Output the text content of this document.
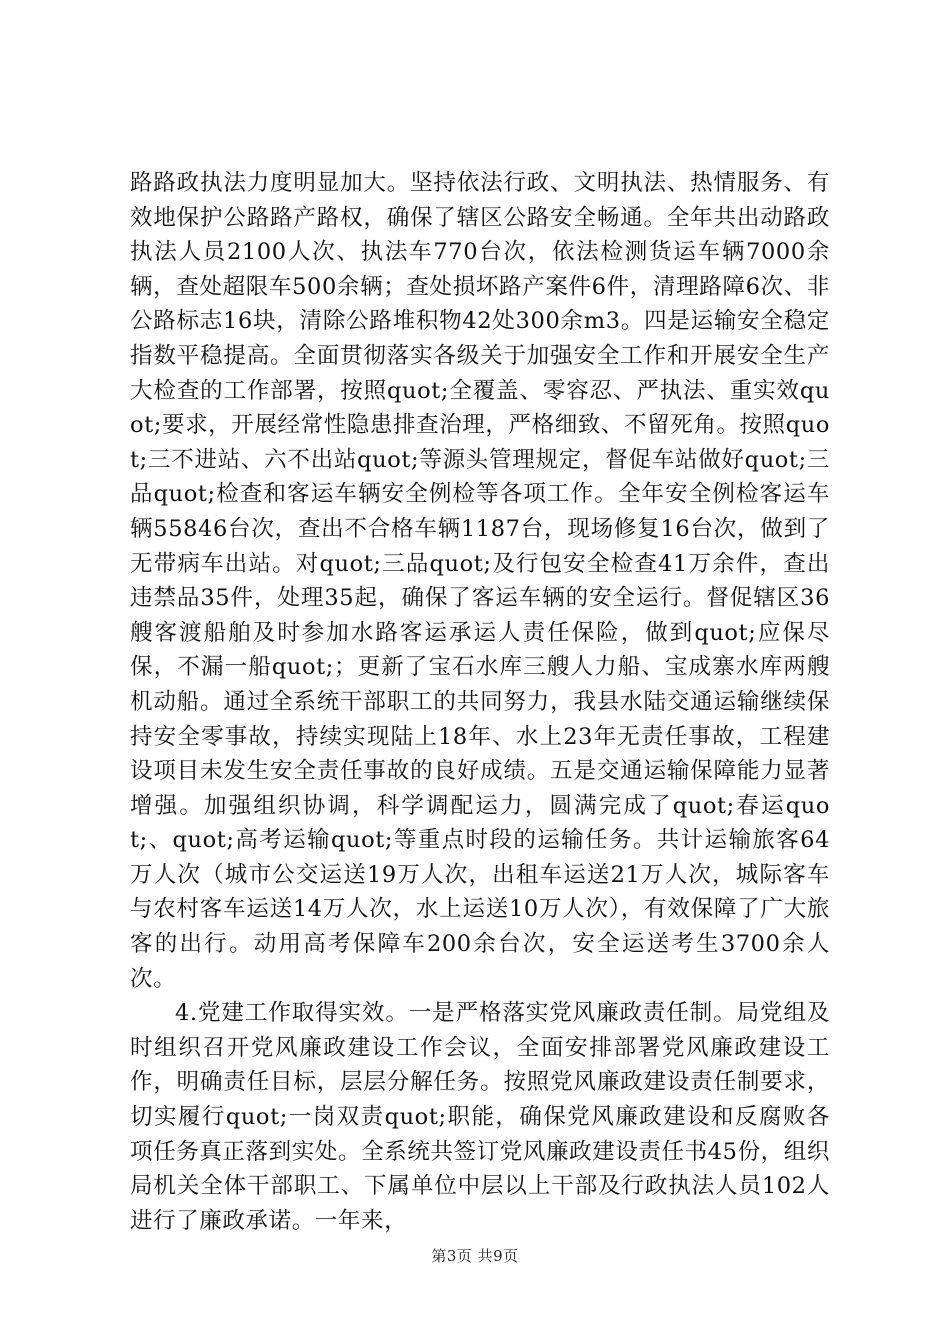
路路政执法力度明显加大。坚持依法行政、文明执法、热情服务、有效地保护公路路产路权，确保了辖区公路安全畅通。全年共出动路政执法人员2100人次、执法车770台次，依法检测货运车辆7000余辆，查处超限车500余辆；查处损坏路产案件6件，清理路障6次、非公路标志16块，清除公路堆积物42处300余m3。四是运输安全稳定指数平稳提高。全面贯彻落实各级关于加强安全工作和开展安全生产大检查的工作部署，按照quot;全覆盖、零容忍、严执法、重实效quot;要求，开展经常性隐患排查治理，严格细致、不留死角。按照quot;三不进站、六不出站quot;等源头管理规定，督促车站做好quot;三品quot;检查和客运车辆安全例检等各项工作。全年安全例检客运车辆55846台次，查出不合格车辆1187台，现场修复16台次，做到了无带病车出站。对quot;三品quot;及行包安全检查41万余件，查出违禁品35件，处理35起，确保了客运车辆的安全运行。督促辖区36艘客渡船舶及时参加水路客运承运人责任保险，做到quot;应保尽保，不漏一船quot;；更新了宝石水库三艘人力船、宝成寨水库两艘机动船。通过全系统干部职工的共同努力，我县水陆交通运输继续保持安全零事故，持续实现陆上18年、水上23年无责任事故，工程建设项目未发生安全责任事故的良好成绩。五是交通运输保障能力显著增强。加强组织协调，科学调配运力，圆满完成了quot;春运quot;、quot;高考运输quot;等重点时段的运输任务。共计运输旅客64万人次（城市公交运送19万人次，出租车运送21万人次，城际客车与农村客车运送14万人次，水上运送10万人次），有效保障了广大旅客的出行。动用高考保障车200余台次，安全运送考生3700余人次。

4.党建工作取得实效。一是严格落实党风廉政责任制。局党组及时组织召开党风廉政建设工作会议，全面安排部署党风廉政建设工作，明确责任目标，层层分解任务。按照党风廉政建设责任制要求，切实履行quot;一岗双责quot;职能，确保党风廉政建设和反腐败各项任务真正落到实处。全系统共签订党风廉政建设责任书45份，组织局机关全体干部职工、下属单位中层以上干部及行政执法人员102人进行了廉政承诺。一年来，

第3页 共9页
